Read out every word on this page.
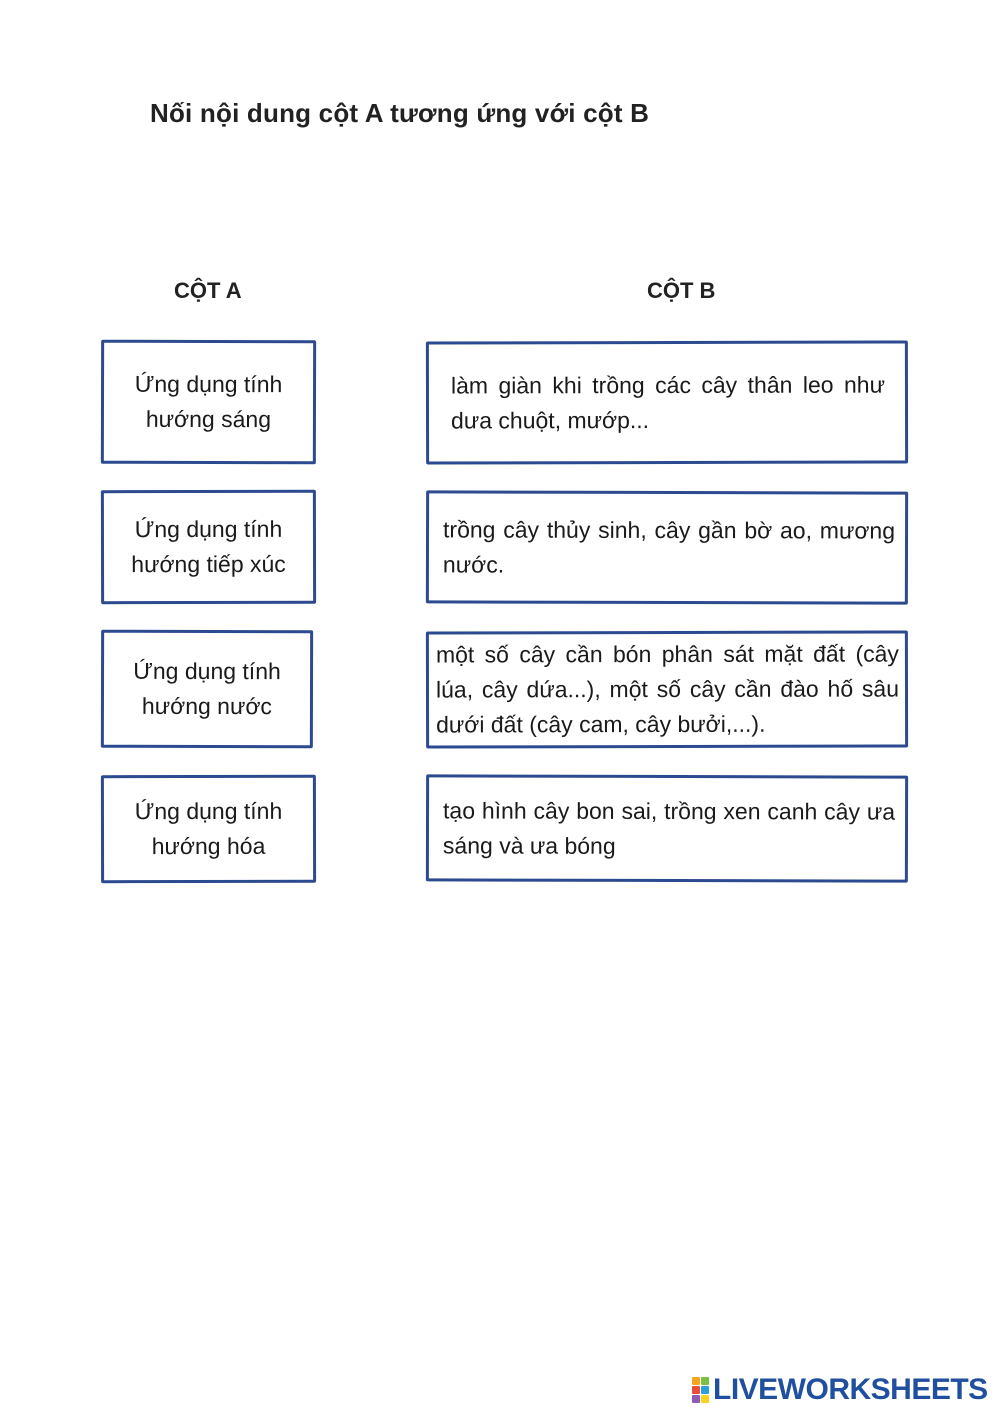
Nối nội dung cột A tương ứng với cột B
CỘT A	CỘT B
Ứng dụng tính hướng sáng
Ứng dụng tính hướng tiếp xúc
Ứng dụng tính hướng nước
Ứng dụng tính hướng hóa
làm giàn khi trồng các cây thân leo như dưa chuột, mướp...
trồng cây thủy sinh, cây gần bờ ao, mương nước.
một số cây cần bón phân sát mặt đất (cây lúa, cây dứa...), một số cây cần đào hố sâu dưới đất (cây cam, cây bưởi,...).
tạo hình cây bon sai, trồng xen canh cây ưa sáng và ưa bóng
LIVEWORKSHEETS
